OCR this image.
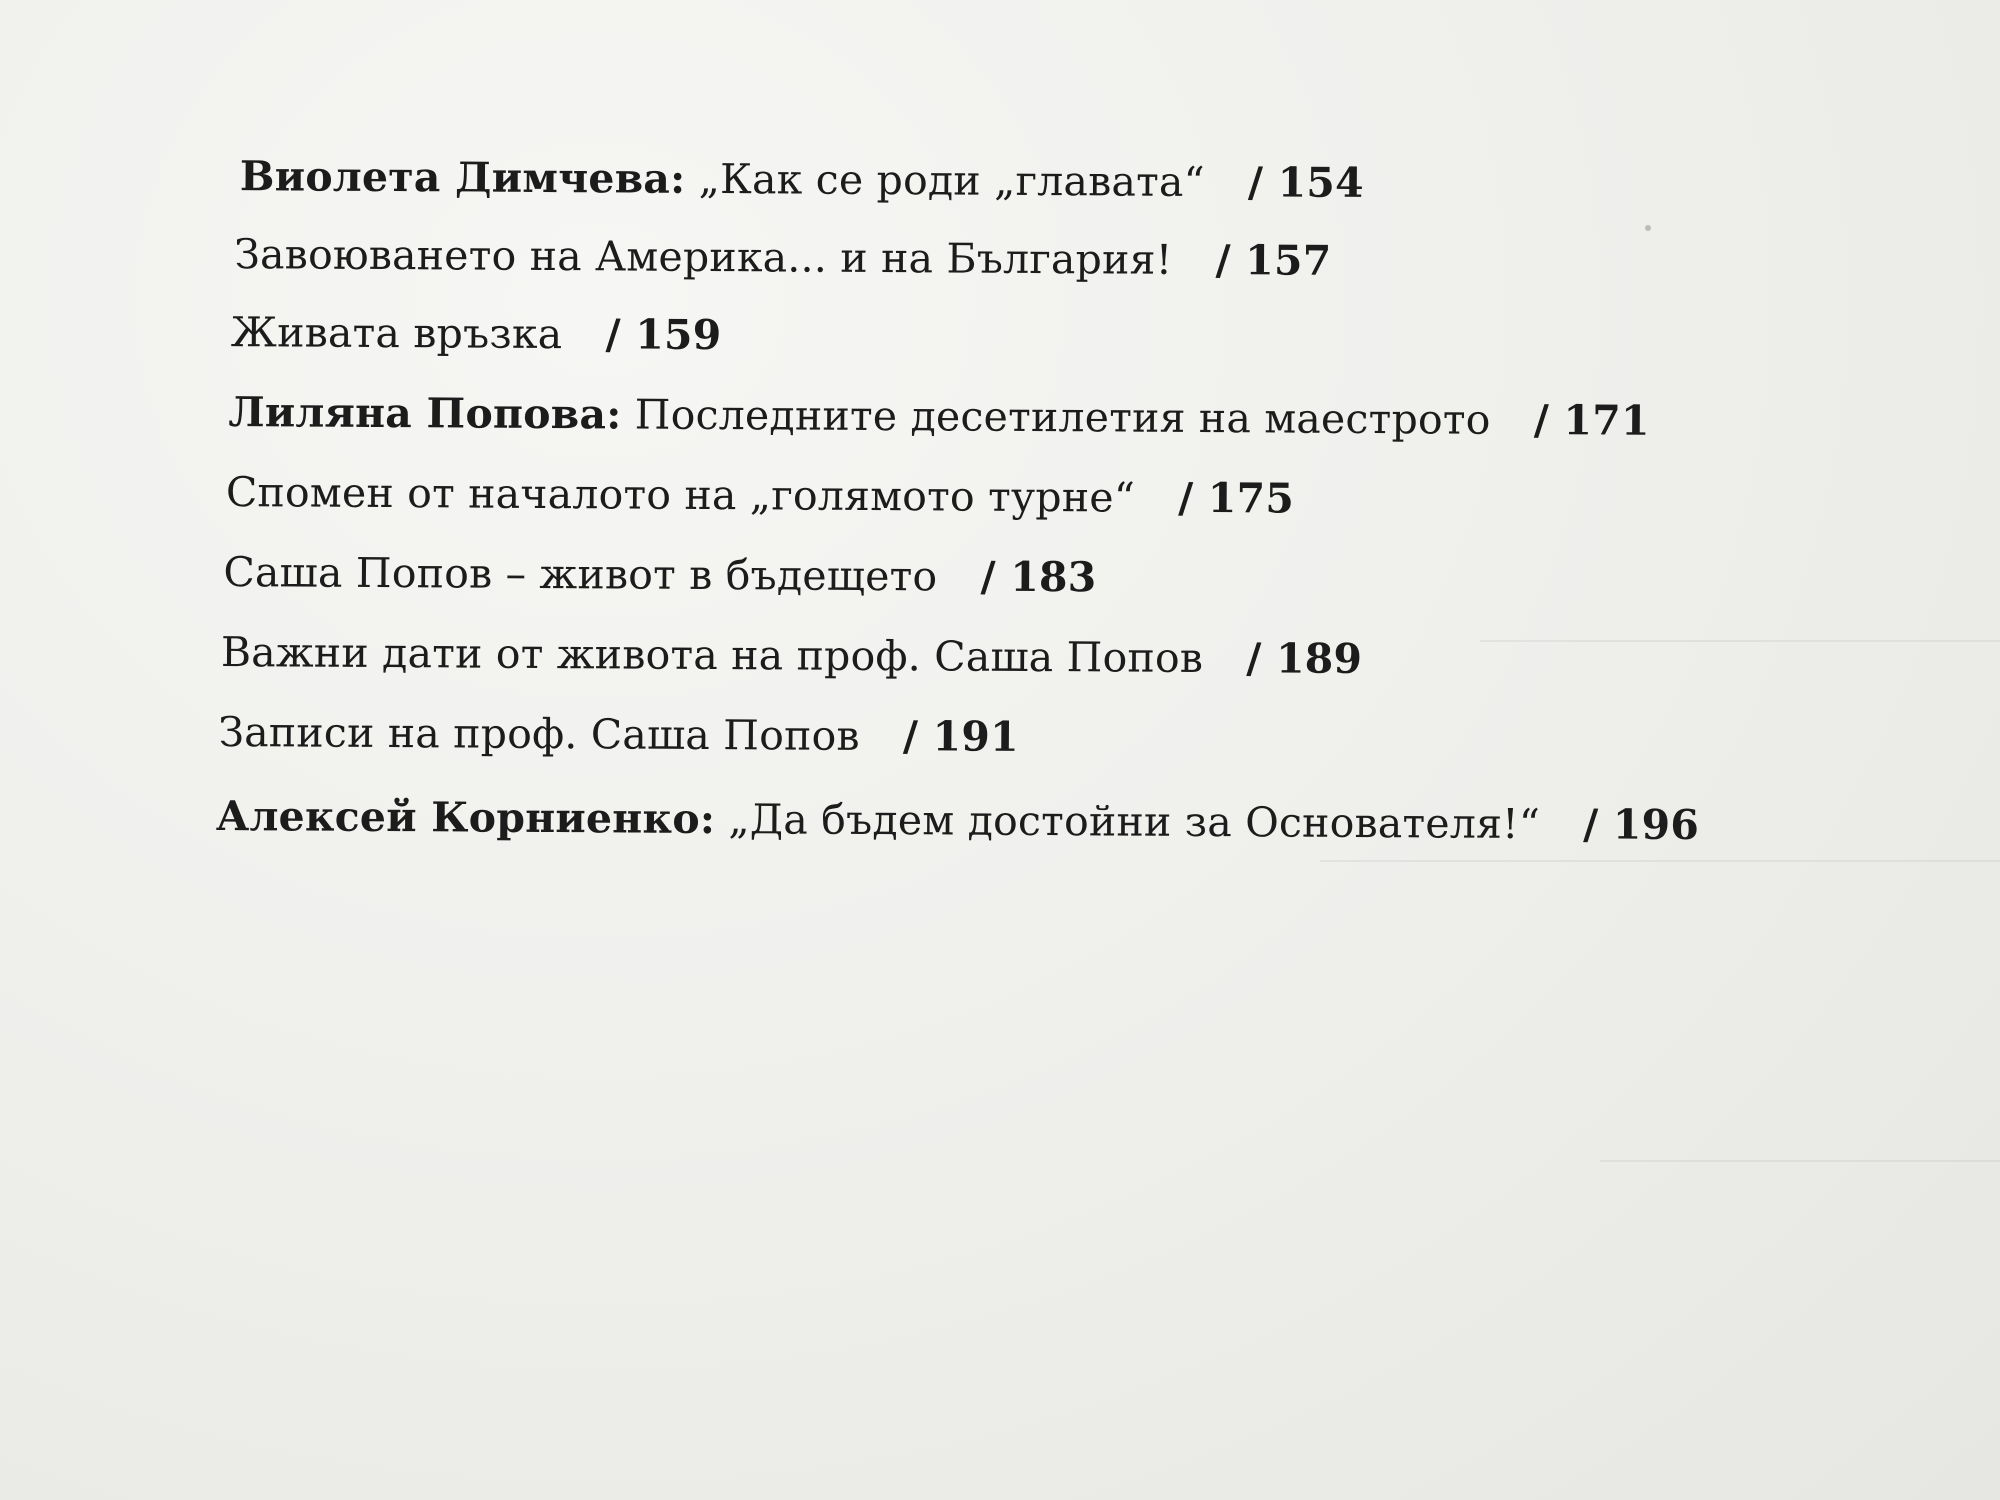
Виолета Димчева: „Как се роди „главата“ / 154
Завоюването на Америка... и на България! / 157
Живата връзка / 159
Лиляна Попова: Последните десетилетия на маестрото / 171
Спомен от началото на „голямото турне“ / 175
Саша Попов – живот в бъдещето / 183
Важни дати от живота на проф. Саша Попов / 189
Записи на проф. Саша Попов / 191
Алексей Корниенко: „Да бъдем достойни за Основателя!“ / 196
